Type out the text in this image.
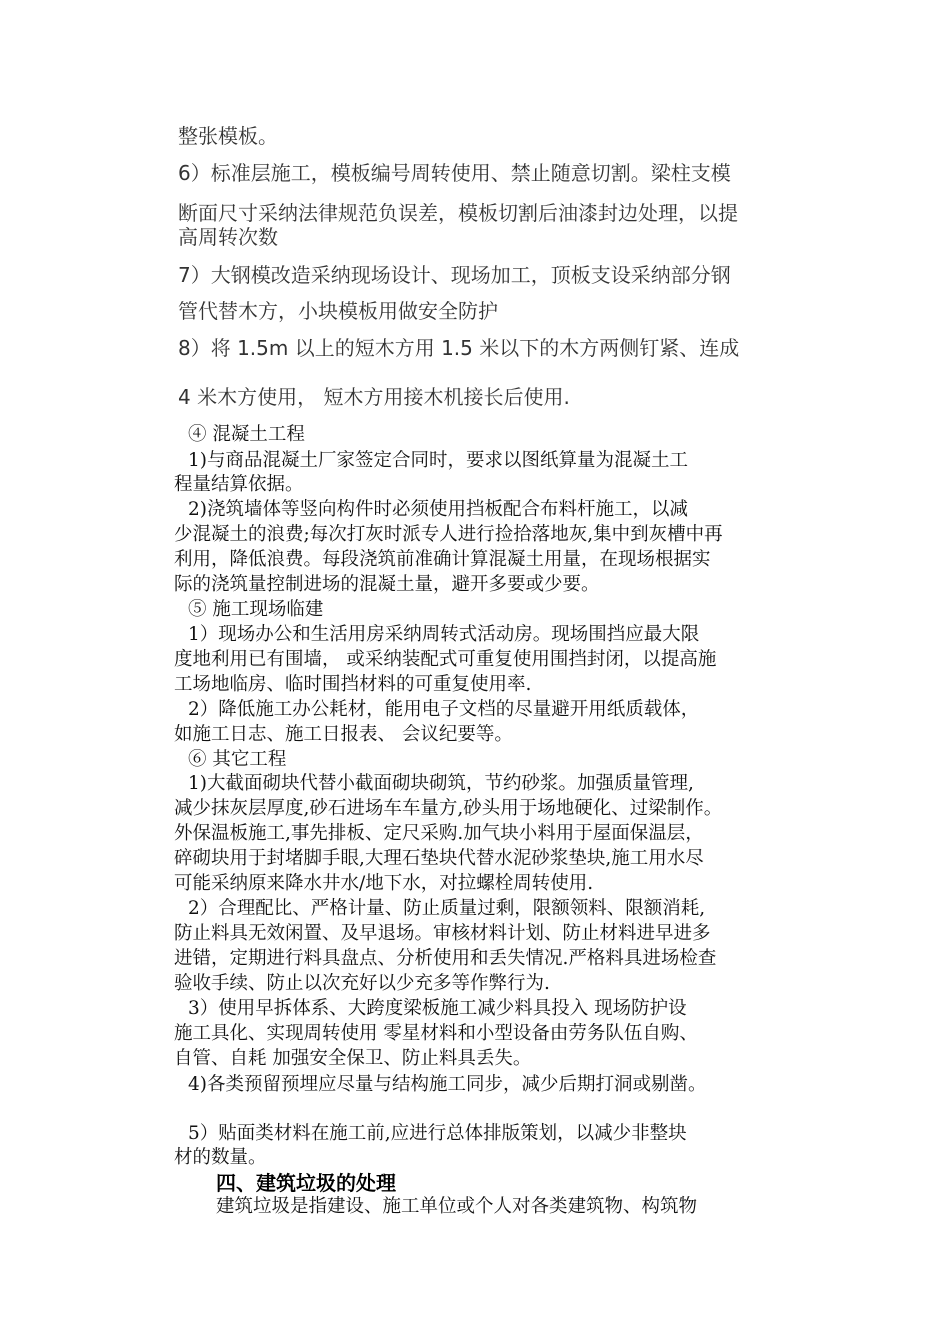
整张模板。
6）标准层施工，模板编号周转使用、禁止随意切割。梁柱支模
断面尺寸采纳法律规范负误差，模板切割后油漆封边处理，以提
高周转次数
7）大钢模改造采纳现场设计、现场加工，顶板支设采纳部分钢
管代替木方，小块模板用做安全防护
8）将 1.5m 以上的短木方用 1.5 米以下的木方两侧钉紧、连成
4 米木方使用， 短木方用接木机接长后使用.
④ 混凝土工程
1)与商品混凝土厂家签定合同时，要求以图纸算量为混凝土工
程量结算依据。
2)浇筑墙体等竖向构件时必须使用挡板配合布料杆施工，以减
少混凝土的浪费;每次打灰时派专人进行捡拾落地灰,集中到灰槽中再
利用，降低浪费。每段浇筑前准确计算混凝土用量，在现场根据实
际的浇筑量控制进场的混凝土量，避开多要或少要。
⑤ 施工现场临建
1）现场办公和生活用房采纳周转式活动房。现场围挡应最大限
度地利用已有围墙， 或采纳装配式可重复使用围挡封闭，以提高施
工场地临房、临时围挡材料的可重复使用率.
2）降低施工办公耗材，能用电子文档的尽量避开用纸质载体，
如施工日志、施工日报表、 会议纪要等。
⑥ 其它工程
1)大截面砌块代替小截面砌块砌筑，节约砂浆。加强质量管理,
减少抹灰层厚度,砂石进场车车量方,砂头用于场地硬化、过梁制作。
外保温板施工,事先排板、定尺采购.加气块小料用于屋面保温层，
碎砌块用于封堵脚手眼,大理石垫块代替水泥砂浆垫块,施工用水尽
可能采纳原来降水井水/地下水，对拉螺栓周转使用.
2）合理配比、严格计量、防止质量过剩，限额领料、限额消耗,
防止料具无效闲置、及早退场。审核材料计划、防止材料进早进多
进错，定期进行料具盘点、分析使用和丢失情况.严格料具进场检查
验收手续、防止以次充好以少充多等作弊行为.
3）使用早拆体系、大跨度梁板施工减少料具投入 现场防护设
施工具化、实现周转使用 零星材料和小型设备由劳务队伍自购、
自管、自耗 加强安全保卫、防止料具丢失。
4)各类预留预埋应尽量与结构施工同步，减少后期打洞或剔凿。
5）贴面类材料在施工前,应进行总体排版策划，以减少非整块
材的数量。
四、建筑垃圾的处理
建筑垃圾是指建设、施工单位或个人对各类建筑物、构筑物
